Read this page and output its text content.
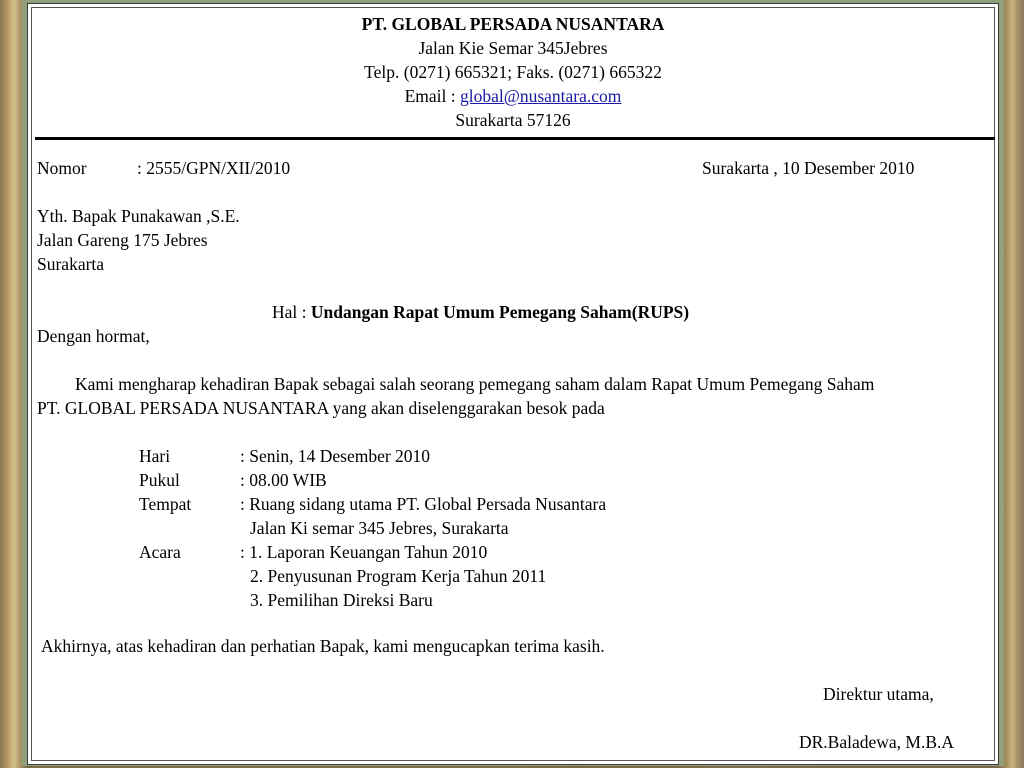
PT. GLOBAL PERSADA NUSANTARA
Jalan Kie Semar 345Jebres
Telp. (0271) 665321; Faks. (0271) 665322
Email : global@nusantara.com
Surakarta 57126
Nomor	: 2555/GPN/XII/2010	Surakarta , 10 Desember 2010
Yth. Bapak Punakawan ,S.E.
Jalan Gareng 175 Jebres
Surakarta
Hal : Undangan Rapat Umum Pemegang Saham(RUPS)
Dengan hormat,
Kami mengharap kehadiran Bapak sebagai salah seorang pemegang saham dalam Rapat Umum Pemegang Saham
PT. GLOBAL PERSADA NUSANTARA yang akan diselenggarakan besok pada
Hari	: Senin, 14 Desember 2010
Pukul	: 08.00 WIB
Tempat	: Ruang sidang utama PT. Global Persada Nusantara
Jalan Ki semar 345 Jebres, Surakarta
Acara	: 1. Laporan Keuangan Tahun 2010
2. Penyusunan Program Kerja Tahun 2011
3. Pemilihan Direksi Baru
Akhirnya, atas kehadiran dan perhatian Bapak, kami mengucapkan terima kasih.
Direktur utama,
DR.Baladewa, M.B.A
